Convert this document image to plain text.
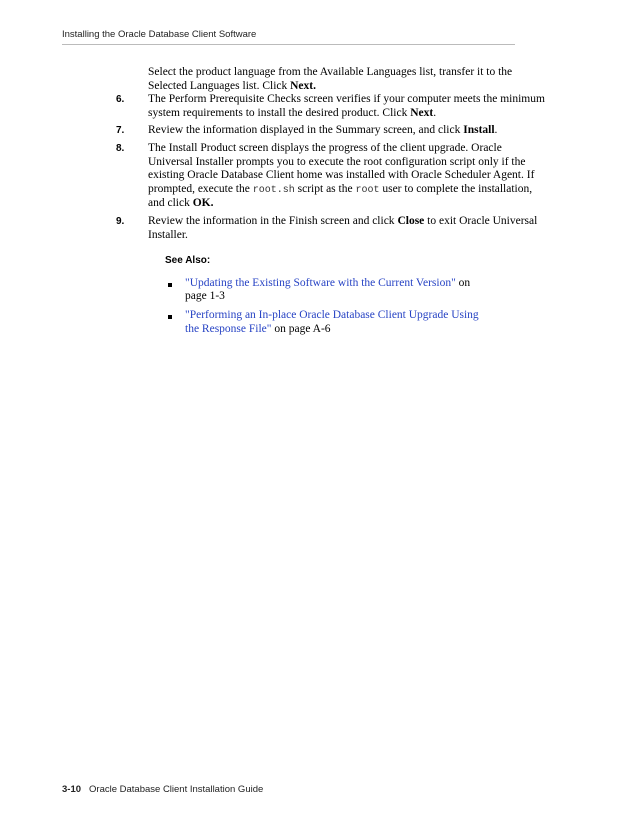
Installing the Oracle Database Client Software

Select the product language from the Available Languages list, transfer it to the Selected Languages list. Click Next.

6. The Perform Prerequisite Checks screen verifies if your computer meets the minimum system requirements to install the desired product. Click Next.
7. Review the information displayed in the Summary screen, and click Install.
8. The Install Product screen displays the progress of the client upgrade. Oracle Universal Installer prompts you to execute the root configuration script only if the existing Oracle Database Client home was installed with Oracle Scheduler Agent. If prompted, execute the root.sh script as the root user to complete the installation, and click OK.
9. Review the information in the Finish screen and click Close to exit Oracle Universal Installer.
See Also:
"Updating the Existing Software with the Current Version" on page 1-3
"Performing an In-place Oracle Database Client Upgrade Using the Response File" on page A-6
3-10 Oracle Database Client Installation Guide
